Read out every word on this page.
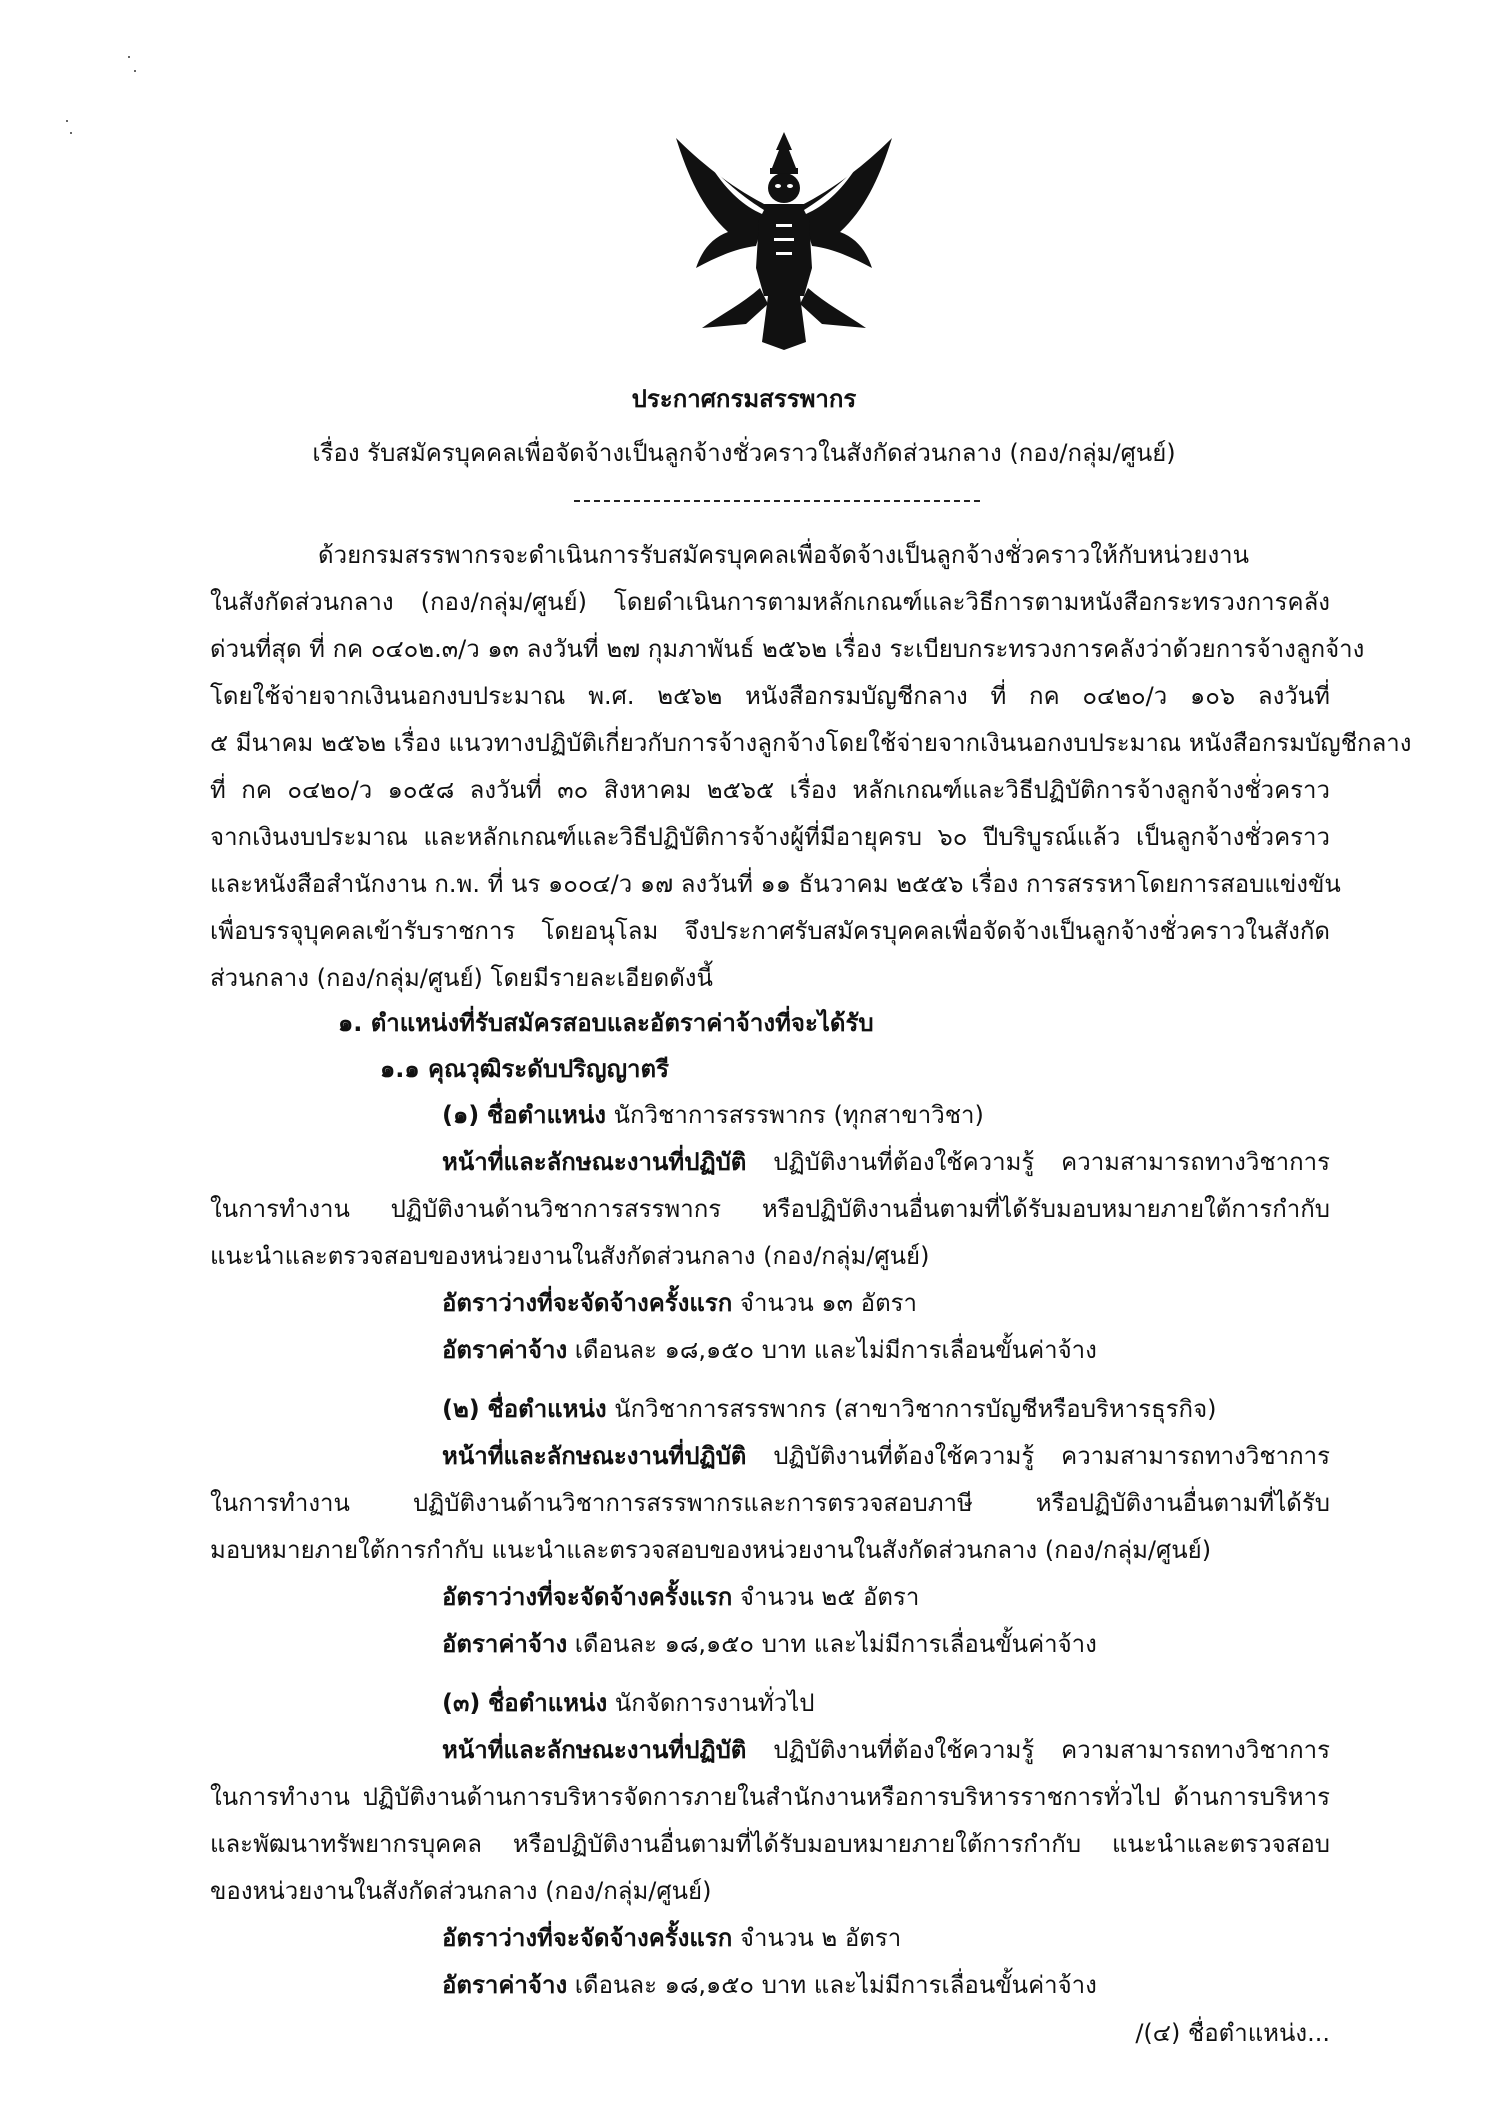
ประกาศกรมสรรพากร
เรื่อง รับสมัครบุคคลเพื่อจัดจ้างเป็นลูกจ้างชั่วคราวในสังกัดส่วนกลาง (กอง/กลุ่ม/ศูนย์)
ด้วยกรมสรรพากรจะดำเนินการรับสมัครบุคคลเพื่อจัดจ้างเป็นลูกจ้างชั่วคราวให้กับหน่วยงาน
ในสังกัดส่วนกลาง (กอง/กลุ่ม/ศูนย์) โดยดำเนินการตามหลักเกณฑ์และวิธีการตามหนังสือกระทรวงการคลัง
ด่วนที่สุด ที่ กค ๐๔๐๒.๓/ว ๑๓ ลงวันที่ ๒๗ กุมภาพันธ์ ๒๕๖๒ เรื่อง ระเบียบกระทรวงการคลังว่าด้วยการจ้างลูกจ้าง
โดยใช้จ่ายจากเงินนอกงบประมาณ พ.ศ. ๒๕๖๒ หนังสือกรมบัญชีกลาง ที่ กค ๐๔๒๐/ว ๑๐๖ ลงวันที่
๕ มีนาคม ๒๕๖๒ เรื่อง แนวทางปฏิบัติเกี่ยวกับการจ้างลูกจ้างโดยใช้จ่ายจากเงินนอกงบประมาณ หนังสือกรมบัญชีกลาง
ที่ กค ๐๔๒๐/ว ๑๐๕๘ ลงวันที่ ๓๐ สิงหาคม ๒๕๖๕ เรื่อง หลักเกณฑ์และวิธีปฏิบัติการจ้างลูกจ้างชั่วคราว
จากเงินงบประมาณ และหลักเกณฑ์และวิธีปฏิบัติการจ้างผู้ที่มีอายุครบ ๖๐ ปีบริบูรณ์แล้ว เป็นลูกจ้างชั่วคราว
และหนังสือสำนักงาน ก.พ. ที่ นร ๑๐๐๔/ว ๑๗ ลงวันที่ ๑๑ ธันวาคม ๒๕๕๖ เรื่อง การสรรหาโดยการสอบแข่งขัน
เพื่อบรรจุบุคคลเข้ารับราชการ โดยอนุโลม จึงประกาศรับสมัครบุคคลเพื่อจัดจ้างเป็นลูกจ้างชั่วคราวในสังกัด
ส่วนกลาง (กอง/กลุ่ม/ศูนย์) โดยมีรายละเอียดดังนี้
๑. ตำแหน่งที่รับสมัครสอบและอัตราค่าจ้างที่จะได้รับ
๑.๑ คุณวุฒิระดับปริญญาตรี
(๑) ชื่อตำแหน่ง นักวิชาการสรรพากร (ทุกสาขาวิชา)
หน้าที่และลักษณะงานที่ปฏิบัติ ปฏิบัติงานที่ต้องใช้ความรู้ ความสามารถทางวิชาการ
ในการทำงาน ปฏิบัติงานด้านวิชาการสรรพากร หรือปฏิบัติงานอื่นตามที่ได้รับมอบหมายภายใต้การกำกับ
แนะนำและตรวจสอบของหน่วยงานในสังกัดส่วนกลาง (กอง/กลุ่ม/ศูนย์)
อัตราว่างที่จะจัดจ้างครั้งแรก จำนวน ๑๓ อัตรา
อัตราค่าจ้าง เดือนละ ๑๘,๑๕๐ บาท และไม่มีการเลื่อนขั้นค่าจ้าง
(๒) ชื่อตำแหน่ง นักวิชาการสรรพากร (สาขาวิชาการบัญชีหรือบริหารธุรกิจ)
หน้าที่และลักษณะงานที่ปฏิบัติ ปฏิบัติงานที่ต้องใช้ความรู้ ความสามารถทางวิชาการ
ในการทำงาน ปฏิบัติงานด้านวิชาการสรรพากรและการตรวจสอบภาษี หรือปฏิบัติงานอื่นตามที่ได้รับ
มอบหมายภายใต้การกำกับ แนะนำและตรวจสอบของหน่วยงานในสังกัดส่วนกลาง (กอง/กลุ่ม/ศูนย์)
อัตราว่างที่จะจัดจ้างครั้งแรก จำนวน ๒๕ อัตรา
อัตราค่าจ้าง เดือนละ ๑๘,๑๕๐ บาท และไม่มีการเลื่อนขั้นค่าจ้าง
(๓) ชื่อตำแหน่ง นักจัดการงานทั่วไป
หน้าที่และลักษณะงานที่ปฏิบัติ ปฏิบัติงานที่ต้องใช้ความรู้ ความสามารถทางวิชาการ
ในการทำงาน ปฏิบัติงานด้านการบริหารจัดการภายในสำนักงานหรือการบริหารราชการทั่วไป ด้านการบริหาร
และพัฒนาทรัพยากรบุคคล หรือปฏิบัติงานอื่นตามที่ได้รับมอบหมายภายใต้การกำกับ แนะนำและตรวจสอบ
ของหน่วยงานในสังกัดส่วนกลาง (กอง/กลุ่ม/ศูนย์)
อัตราว่างที่จะจัดจ้างครั้งแรก จำนวน ๒ อัตรา
อัตราค่าจ้าง เดือนละ ๑๘,๑๕๐ บาท และไม่มีการเลื่อนขั้นค่าจ้าง
/(๔) ชื่อตำแหน่ง...
